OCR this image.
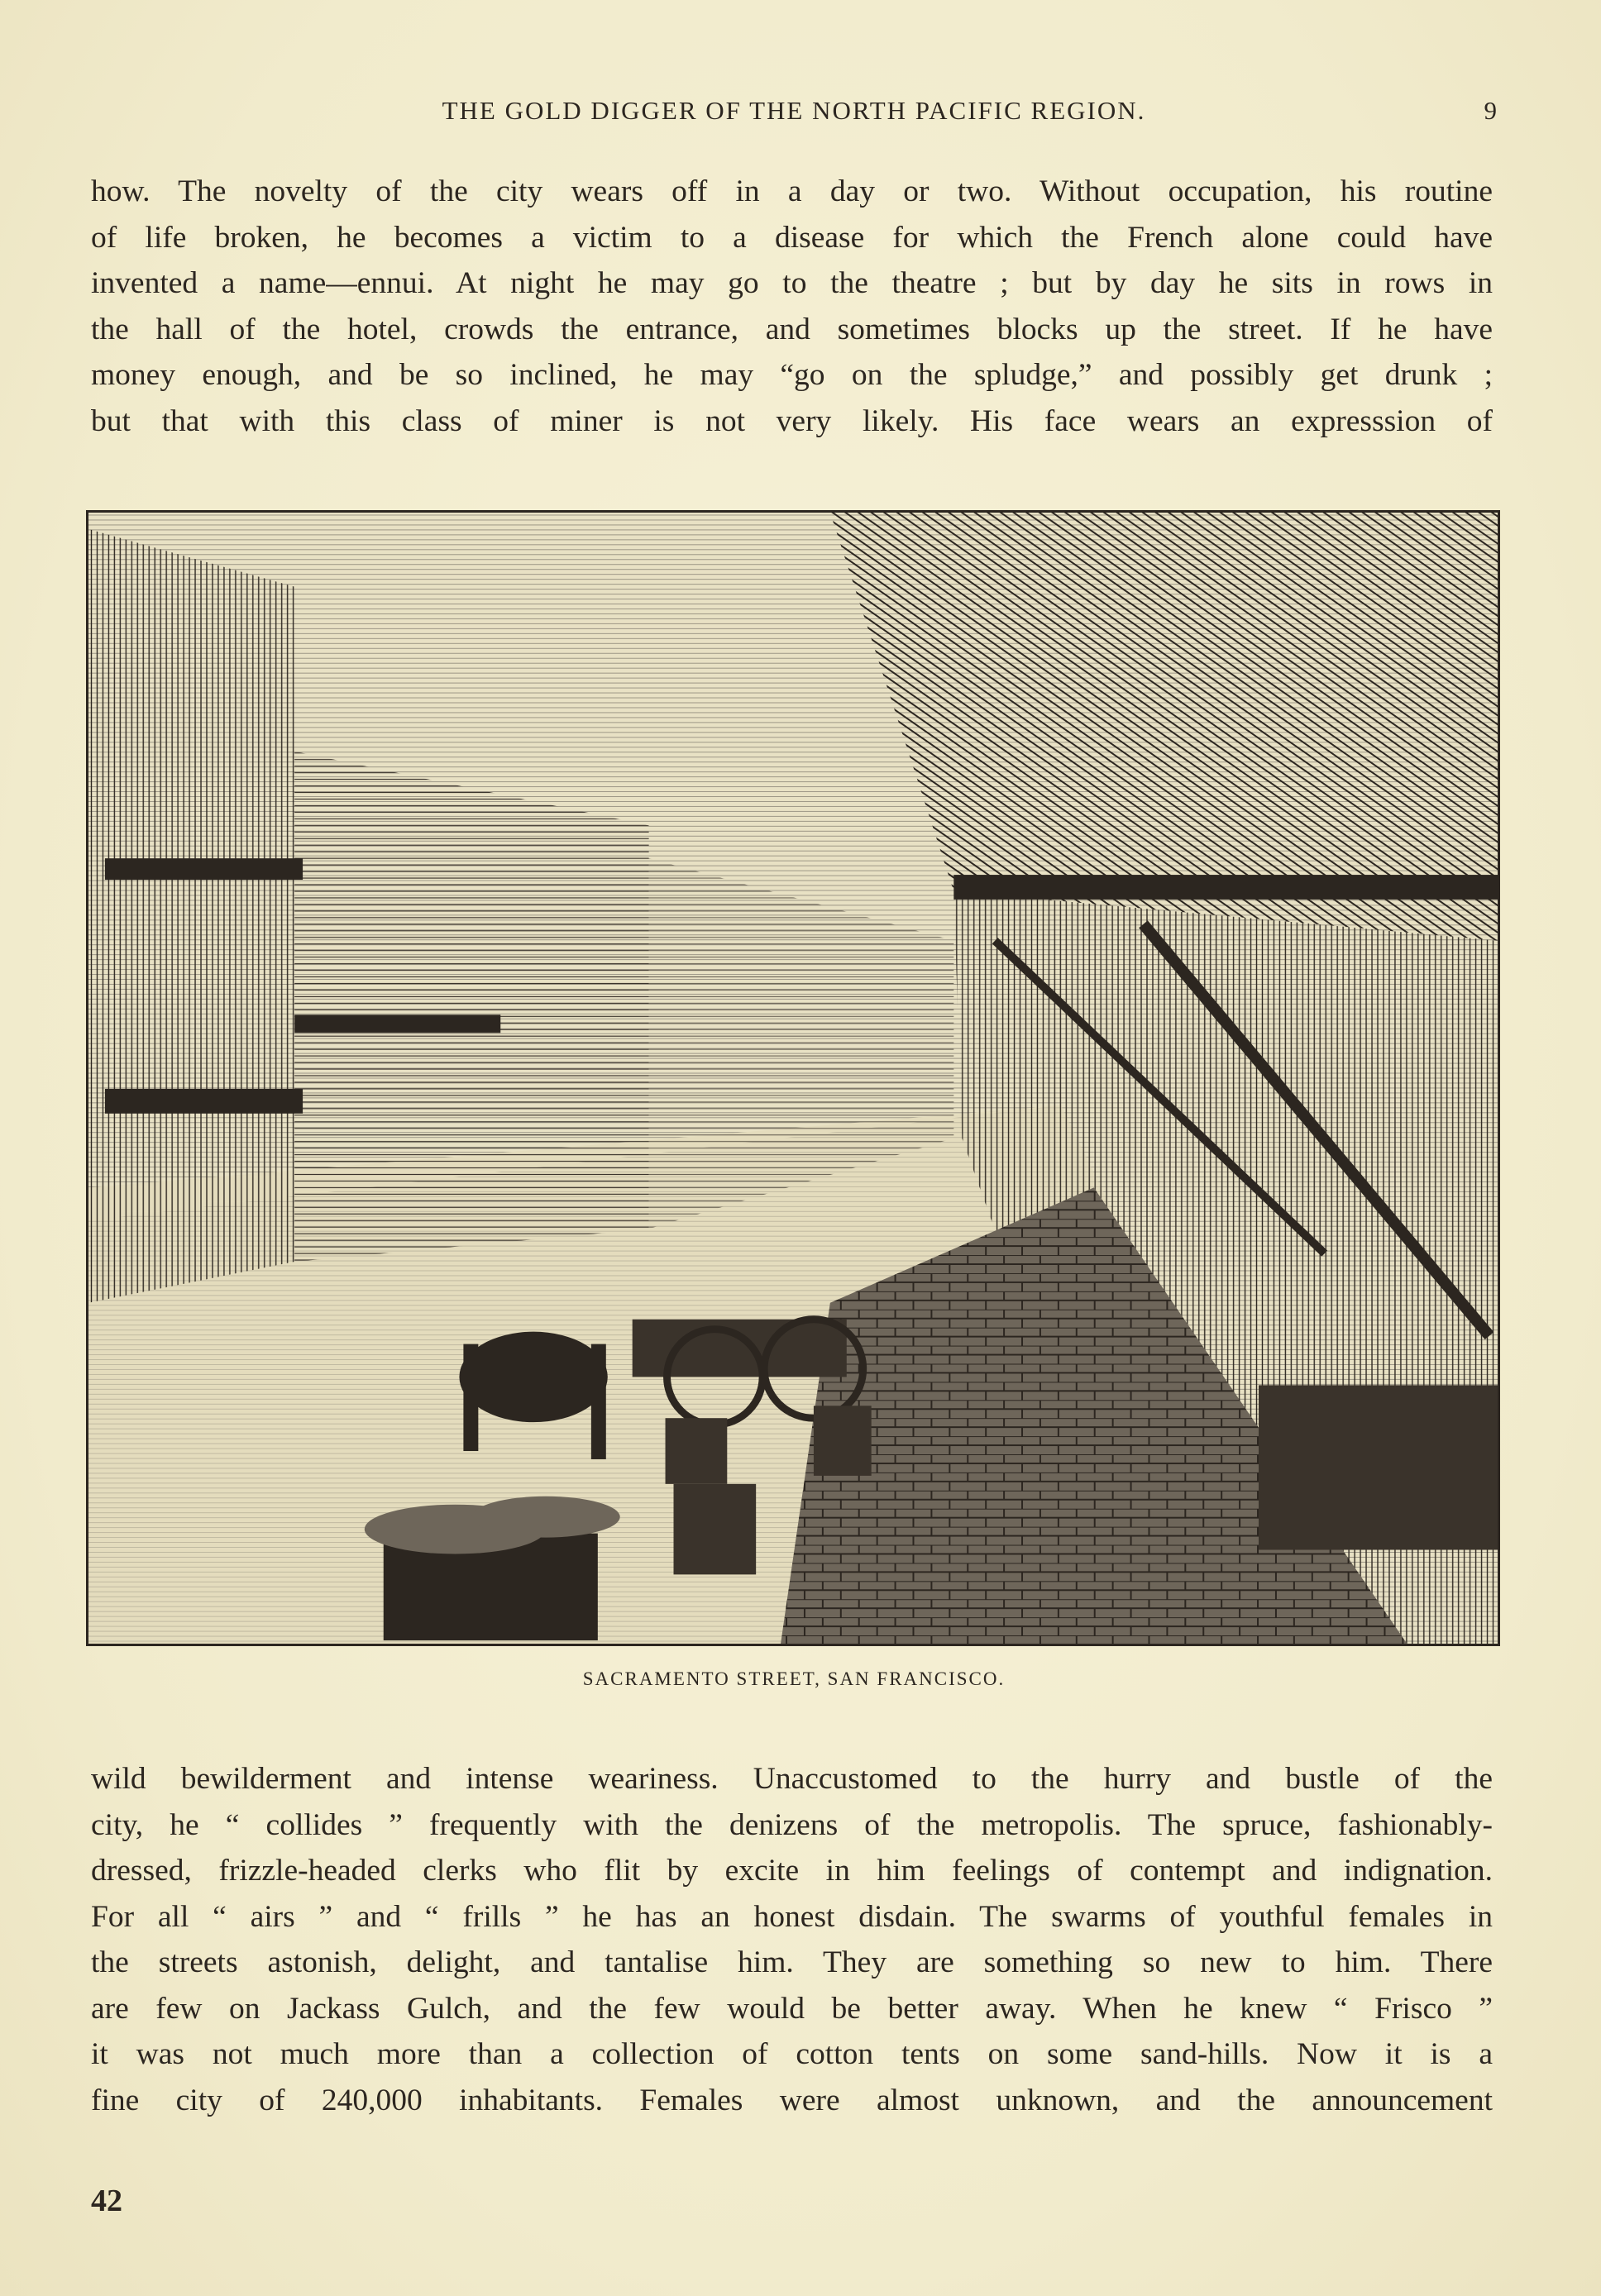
THE GOLD DIGGER OF THE NORTH PACIFIC REGION.	9
how. The novelty of the city wears off in a day or two. Without occupation, his routine
of life broken, he becomes a victim to a disease for which the French alone could have
invented a name—ennui. At night he may go to the theatre ; but by day he sits in rows in
the hall of the hotel, crowds the entrance, and sometimes blocks up the street. If he have
money enough, and be so inclined, he may “go on the spludge,” and possibly get drunk ;
but that with this class of miner is not very likely. His face wears an expresssion of
SACRAMENTO STREET, SAN FRANCISCO.
wild bewilderment and intense weariness. Unaccustomed to the hurry and bustle of the
city, he “ collides ” frequently with the denizens of the metropolis. The spruce, fashionably-
dressed, frizzle-headed clerks who flit by excite in him feelings of contempt and indignation.
For all “ airs ” and “ frills ” he has an honest disdain. The swarms of youthful females in
the streets astonish, delight, and tantalise him. They are something so new to him. There
are few on Jackass Gulch, and the few would be better away. When he knew “ Frisco ”
it was not much more than a collection of cotton tents on some sand-hills. Now it is a
fine city of 240,000 inhabitants. Females were almost unknown, and the announcement
42
